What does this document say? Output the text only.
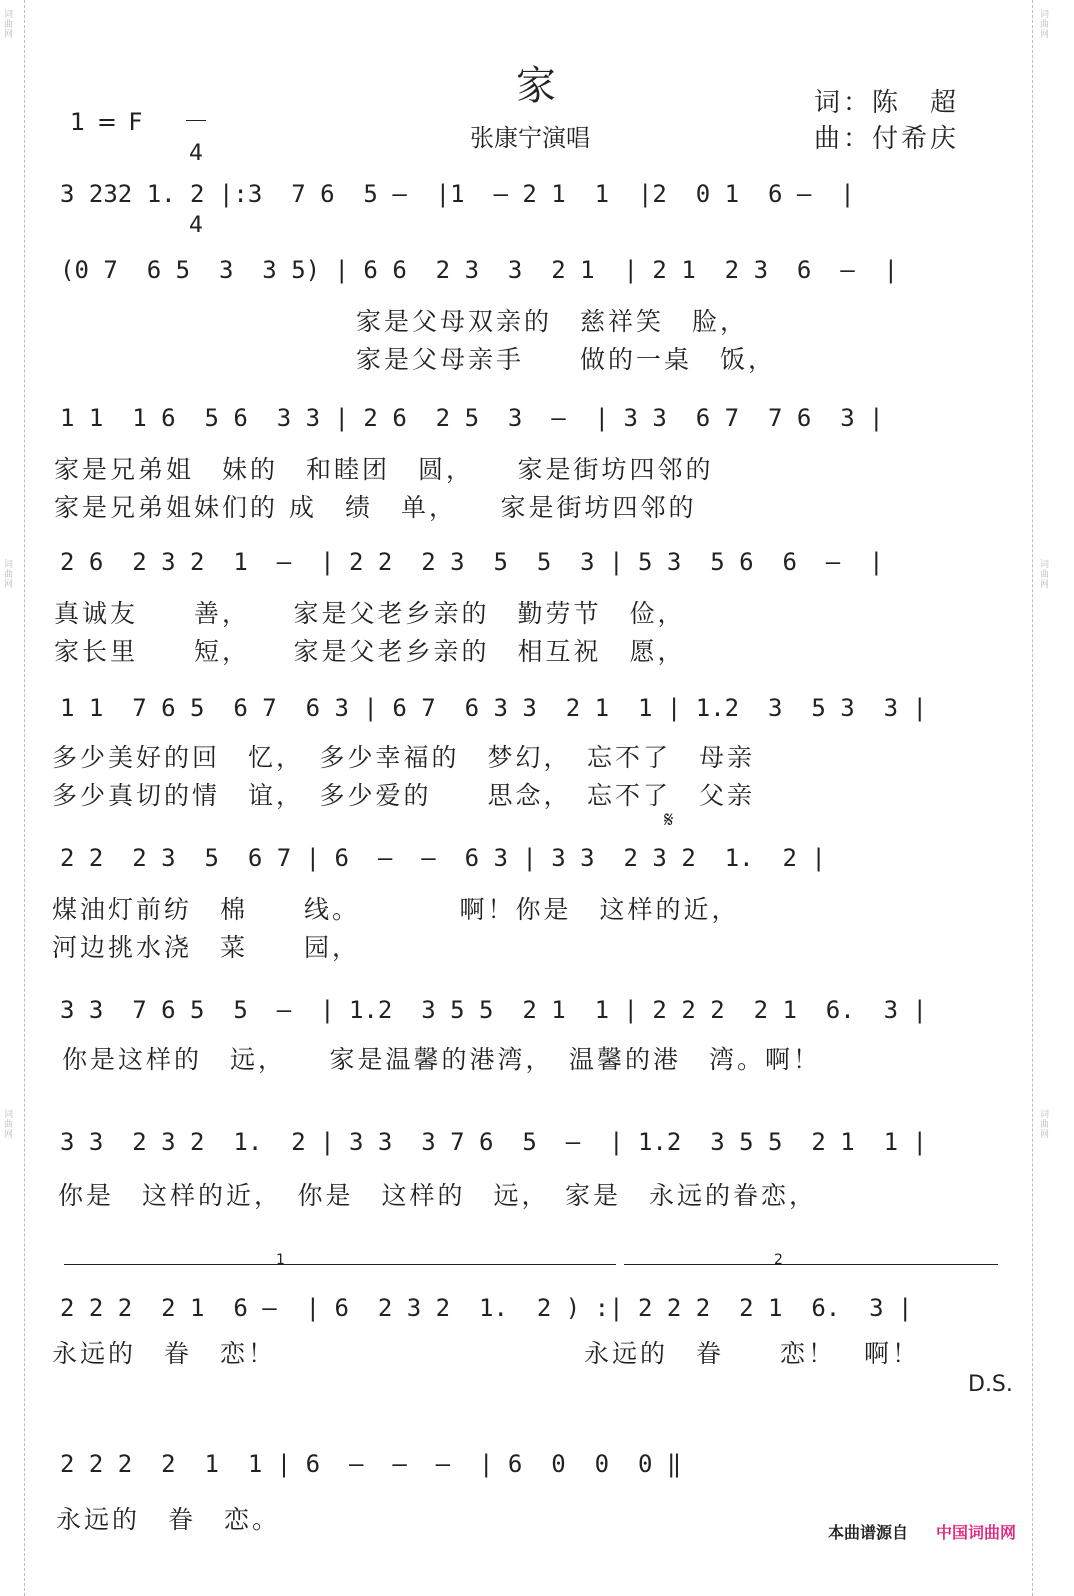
词曲网
词曲网
词曲网
词曲网
词曲网
词曲网
家
1 = F

4

4

张康宁演唱
词：陈　超
曲：付希庆
3 232 1. 2 |:3  7 6  5 —  |1  — 2 1  1  |2  0 1  6 —  |
(0 7  6 5  3  3 5) | 6 6  2 3  3  2 1  | 2 1  2 3  6  —  |
家是父母双亲的　慈祥笑　脸，
家是父母亲手　　做的一桌　饭，
1 1  1 6  5 6  3 3 | 2 6  2 5  3  —  | 3 3  6 7  7 6  3 |
家是兄弟姐　妹的　和睦团　圆，　　家是街坊四邻的
家是兄弟姐妹们的 成　绩　单，　　家是街坊四邻的
2 6  2 3 2  1  —  | 2 2  2 3  5  5  3 | 5 3  5 6  6  —  |
真诚友　　善，　　家是父老乡亲的　勤劳节　俭，
家长里　　短，　　家是父老乡亲的　相互祝　愿，
1 1  7 6 5  6 7  6 3 | 6 7  6 3 3  2 1  1 | 1.2  3  5 3  3 |
多少美好的回　忆，　多少幸福的　梦幻，　忘不了　母亲
多少真切的情　谊，　多少爱的　　思念，　忘不了　父亲
𝄋
2 2  2 3  5  6 7 | 6  —  —  6 3 | 3 3  2 3 2  1.  2 |
煤油灯前纺　棉　　线。　　　　啊！你是　这样的近，
河边挑水浇　菜　　园，
3 3  7 6 5  5  —  | 1.2  3 5 5  2 1  1 | 2 2 2  2 1  6.  3 |
你是这样的　远，　　家是温馨的港湾，　温馨的港　湾。啊！
3 3  2 3 2  1.  2 | 3 3  3 7 6  5  —  | 1.2  3 5 5  2 1  1 |
你是　这样的近，　你是　这样的　远，　家是　永远的眷恋，
1	2
2 2 2  2 1  6 —  | 6  2 3 2  1.  2 ) :| 2 2 2  2 1  6.  3 |
永远的　眷　恋！　　　　　　　　　　　永远的　眷　　恋！　啊！
D.S.
2 2 2  2  1  1 | 6  —  —  —  | 6  0  0  0 ‖
永远的　眷　恋。	本曲谱源自 中国词曲网
